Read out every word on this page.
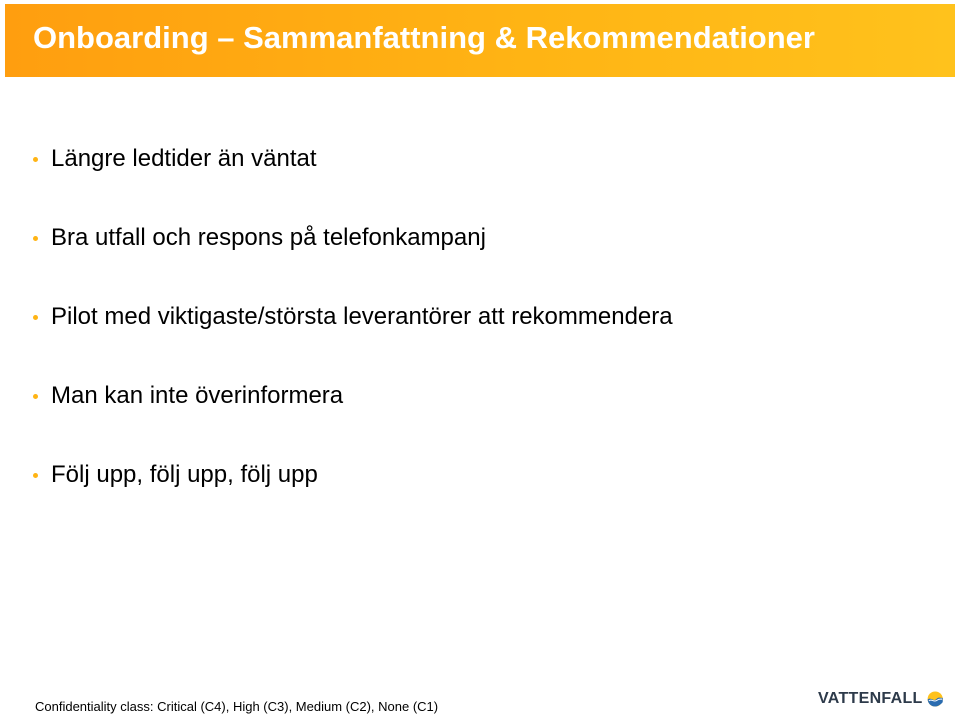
Onboarding – Sammanfattning & Rekommendationer
Längre ledtider än väntat
Bra utfall och respons på telefonkampanj
Pilot med viktigaste/största leverantörer att rekommendera
Man kan inte överinformera
Följ upp, följ upp, följ upp
Confidentiality class: Critical (C4), High (C3), Medium (C2), None (C1)	VATTENFALL
